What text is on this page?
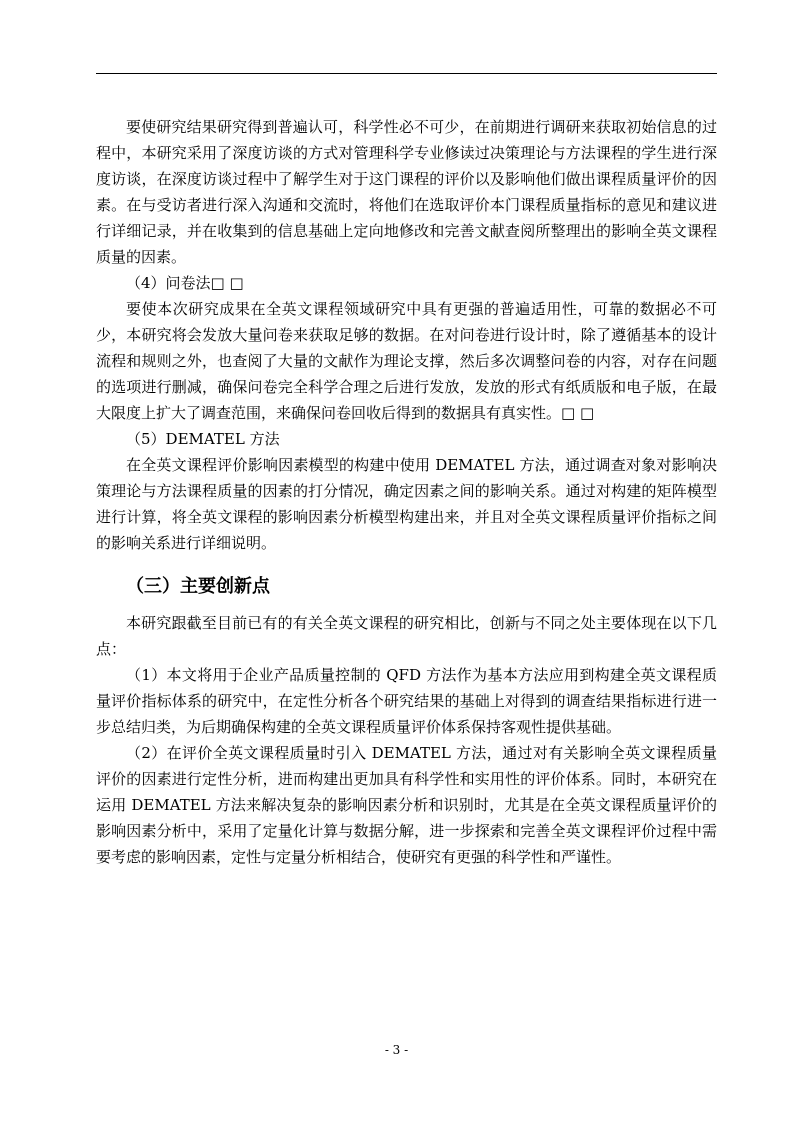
要使研究结果研究得到普遍认可，科学性必不可少，在前期进行调研来获取初始信息的过程中，本研究采用了深度访谈的方式对管理科学专业修读过决策理论与方法课程的学生进行深度访谈，在深度访谈过程中了解学生对于这门课程的评价以及影响他们做出课程质量评价的因素。在与受访者进行深入沟通和交流时，将他们在选取评价本门课程质量指标的意见和建议进行详细记录，并在收集到的信息基础上定向地修改和完善文献查阅所整理出的影响全英文课程质量的因素。

（4）问卷法□ □

要使本次研究成果在全英文课程领域研究中具有更强的普遍适用性，可靠的数据必不可少，本研究将会发放大量问卷来获取足够的数据。在对问卷进行设计时，除了遵循基本的设计流程和规则之外，也查阅了大量的文献作为理论支撑，然后多次调整问卷的内容，对存在问题的选项进行删减，确保问卷完全科学合理之后进行发放，发放的形式有纸质版和电子版，在最大限度上扩大了调查范围，来确保问卷回收后得到的数据具有真实性。□ □

（5）DEMATEL 方法

在全英文课程评价影响因素模型的构建中使用 DEMATEL 方法，通过调查对象对影响决策理论与方法课程质量的因素的打分情况，确定因素之间的影响关系。通过对构建的矩阵模型进行计算，将全英文课程的影响因素分析模型构建出来，并且对全英文课程质量评价指标之间的影响关系进行详细说明。

（三）主要创新点

本研究跟截至目前已有的有关全英文课程的研究相比，创新与不同之处主要体现在以下几点：

（1）本文将用于企业产品质量控制的 QFD 方法作为基本方法应用到构建全英文课程质量评价指标体系的研究中，在定性分析各个研究结果的基础上对得到的调查结果指标进行进一步总结归类，为后期确保构建的全英文课程质量评价体系保持客观性提供基础。

（2）在评价全英文课程质量时引入 DEMATEL 方法，通过对有关影响全英文课程质量评价的因素进行定性分析，进而构建出更加具有科学性和实用性的评价体系。同时，本研究在运用 DEMATEL 方法来解决复杂的影响因素分析和识别时，尤其是在全英文课程质量评价的影响因素分析中，采用了定量化计算与数据分解，进一步探索和完善全英文课程评价过程中需要考虑的影响因素，定性与定量分析相结合，使研究有更强的科学性和严谨性。

- 3 -
